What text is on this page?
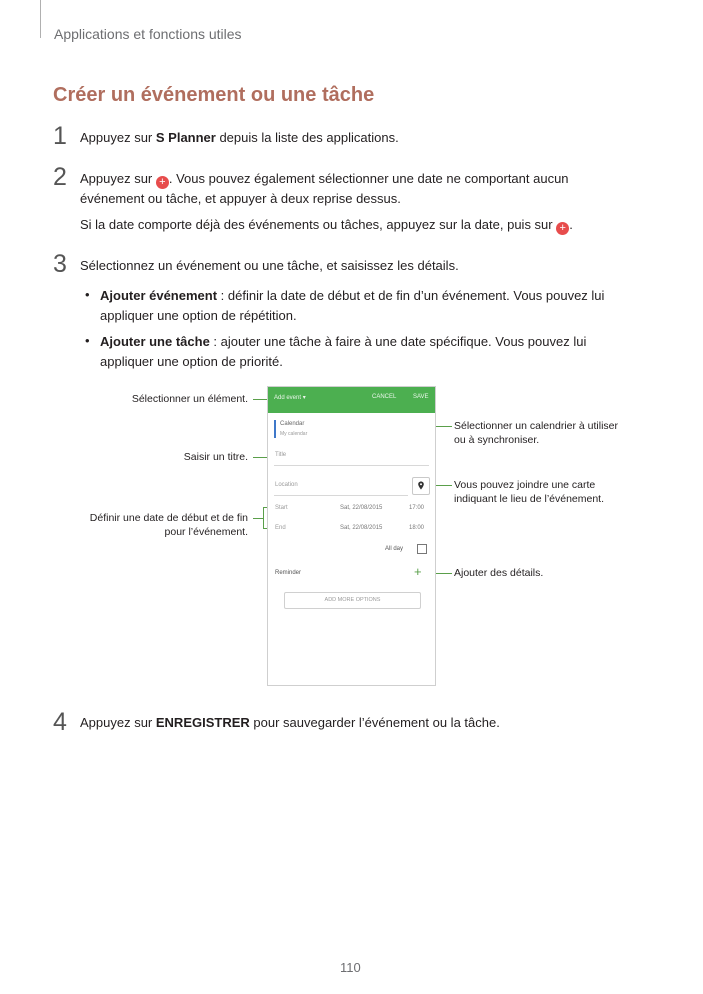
Applications et fonctions utiles
Créer un événement ou une tâche
1 Appuyez sur S Planner depuis la liste des applications.
2 Appuyez sur + . Vous pouvez également sélectionner une date ne comportant aucun
événement ou tâche, et appuyer à deux reprise dessus.
Si la date comporte déjà des événements ou tâches, appuyez sur la date, puis sur + .
3 Sélectionnez un événement ou une tâche, et saisissez les détails.
• Ajouter événement : définir la date de début et de fin d’un événement. Vous pouvez lui
appliquer une option de répétition.
• Ajouter une tâche : ajouter une tâche à faire à une date spécifique. Vous pouvez lui
appliquer une option de priorité.
Sélectionner un élément.
Saisir un titre.
Définir une date de début et de fin
pour l’événement.
Sélectionner un calendrier à utiliser
ou à synchroniser.
Vous pouvez joindre une carte
indiquant le lieu de l’événement.
Ajouter des détails.
Add event ▾	CANCEL	SAVE
Calendar
My calendar
Title
Location
Start	Sat, 22/08/2015	17:00
End	Sat, 22/08/2015	18:00
All day
Reminder	+
ADD MORE OPTIONS
4 Appuyez sur ENREGISTRER pour sauvegarder l’événement ou la tâche.
110
